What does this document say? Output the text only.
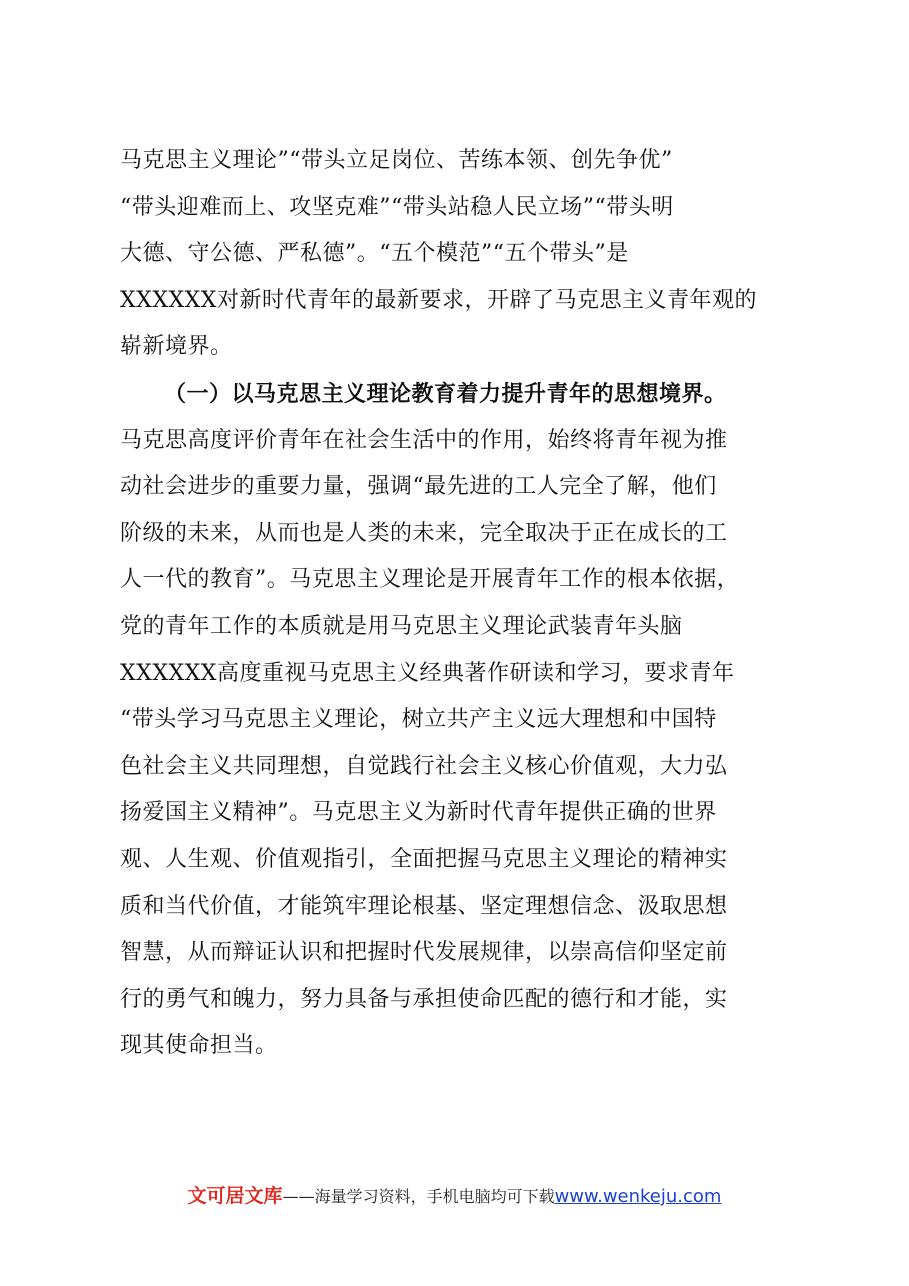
马克思主义理论”“带头立足岗位、苦练本领、创先争优”
“带头迎难而上、攻坚克难”“带头站稳人民立场”“带头明
大德、守公德、严私德”。“五个模范”“五个带头”是
XXXXXX对新时代青年的最新要求，开辟了马克思主义青年观的
崭新境界。
（一）以马克思主义理论教育着力提升青年的思想境界。
马克思高度评价青年在社会生活中的作用，始终将青年视为推
动社会进步的重要力量，强调“最先进的工人完全了解，他们
阶级的未来，从而也是人类的未来，完全取决于正在成长的工
人一代的教育”。马克思主义理论是开展青年工作的根本依据，
党的青年工作的本质就是用马克思主义理论武装青年头脑
XXXXXX高度重视马克思主义经典著作研读和学习，要求青年
“带头学习马克思主义理论，树立共产主义远大理想和中国特
色社会主义共同理想，自觉践行社会主义核心价值观，大力弘
扬爱国主义精神”。马克思主义为新时代青年提供正确的世界
观、人生观、价值观指引，全面把握马克思主义理论的精神实
质和当代价值，才能筑牢理论根基、坚定理想信念、汲取思想
智慧，从而辩证认识和把握时代发展规律，以崇高信仰坚定前
行的勇气和魄力，努力具备与承担使命匹配的德行和才能，实
现其使命担当。
文可居文库——海量学习资料，手机电脑均可下载www.wenkeju.com
